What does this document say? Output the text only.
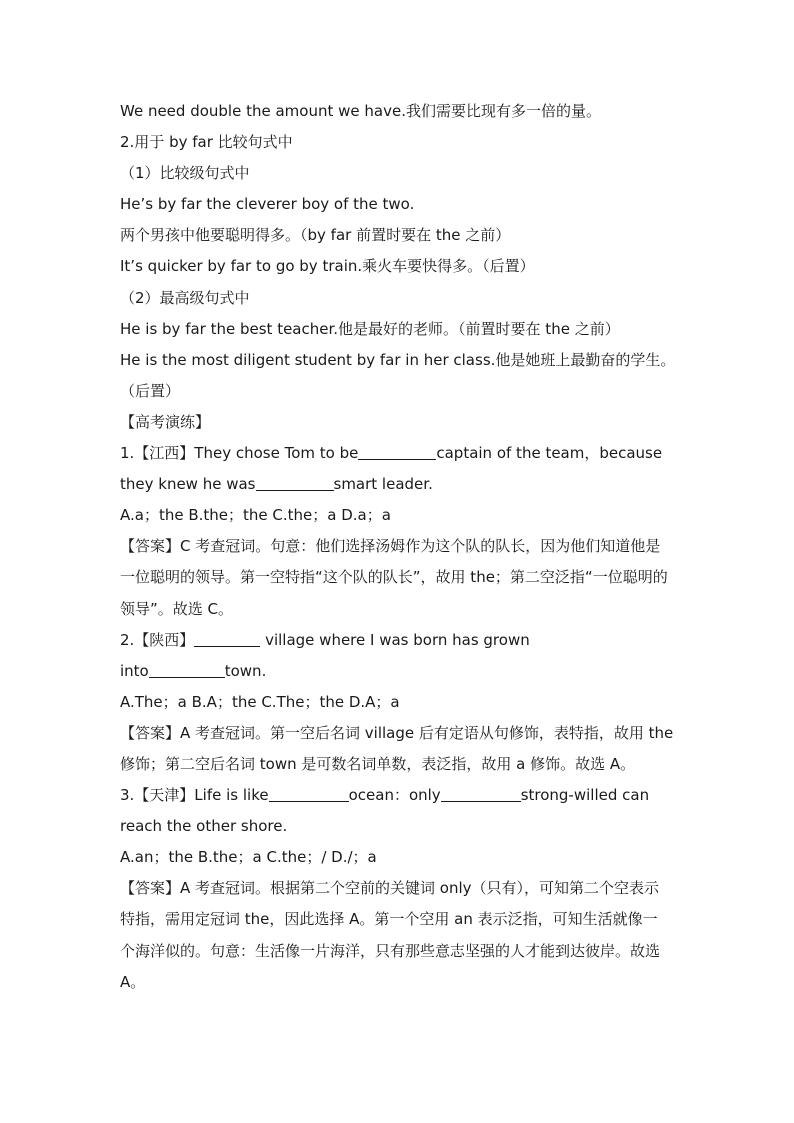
We need double the amount we have.我们需要比现有多一倍的量。
2.用于 by far 比较句式中
（1）比较级句式中
He’s by far the cleverer boy of the two.
两个男孩中他要聪明得多。（by far 前置时要在 the 之前）
It’s quicker by far to go by train.乘火车要快得多。（后置）
（2）最高级句式中
He is by far the best teacher.他是最好的老师。（前置时要在 the 之前）
He is the most diligent student by far in her class.他是她班上最勤奋的学生。
（后置）
【高考演练】
1.【江西】They chose Tom to be	captain of the team，because
they knew he was	smart leader.
A.a；the B.the；the C.the；a D.a；a
【答案】C 考查冠词。句意：他们选择汤姆作为这个队的队长，因为他们知道他是
一位聪明的领导。第一空特指“这个队的队长”，故用 the；第二空泛指“一位聪明的
领导”。故选 C。
2.【陕西】	village where I was born has grown
into	town.
A.The；a B.A；the C.The；the D.A；a
【答案】A 考查冠词。第一空后名词 village 后有定语从句修饰，表特指，故用 the
修饰；第二空后名词 town 是可数名词单数，表泛指，故用 a 修饰。故选 A。
3.【天津】Life is like	ocean：only	strong-willed can
reach the other shore.
A.an；the B.the；a C.the；/ D./；a
【答案】A 考查冠词。根据第二个空前的关键词 only（只有），可知第二个空表示
特指，需用定冠词 the，因此选择 A。第一个空用 an 表示泛指，可知生活就像一
个海洋似的。句意：生活像一片海洋，只有那些意志坚强的人才能到达彼岸。故选
A。
